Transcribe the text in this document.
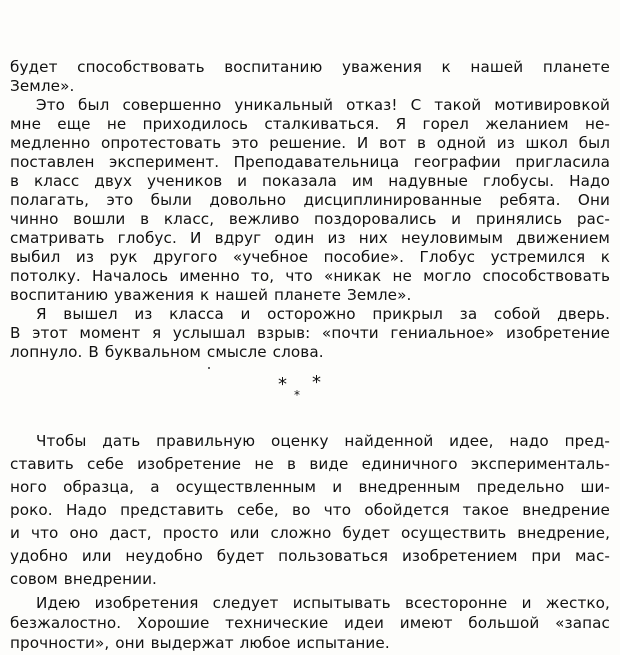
будет способствовать воспитанию уважения к нашей планете
Земле».
Это был совершенно уникальный отказ! С такой мотивировкой
мне еще не приходилось сталкиваться. Я горел желанием не-
медленно опротестовать это решение. И вот в одной из школ был
поставлен эксперимент. Преподавательница географии пригласила
в класс двух учеников и показала им надувные глобусы. Надо
полагать, это были довольно дисциплинированные ребята. Они
чинно вошли в класс, вежливо поздоровались и принялись рас-
сматривать глобус. И вдруг один из них неуловимым движением
выбил из рук другого «учебное пособие». Глобус устремился к
потолку. Началось именно то, что «никак не могло способствовать
воспитанию уважения к нашей планете Земле».
Я вышел из класса и осторожно прикрыл за собой дверь.
В этот момент я услышал взрыв: «почти гениальное» изобретение
лопнуло. В буквальном смысле слова.
* *
*
Чтобы дать правильную оценку найденной идее, надо пред-
ставить себе изобретение не в виде единичного эксперименталь-
ного образца, а осуществленным и внедренным предельно ши-
роко. Надо представить себе, во что обойдется такое внедрение
и что оно даст, просто или сложно будет осуществить внедрение,
удобно или неудобно будет пользоваться изобретением при мас-
совом внедрении.
Идею изобретения следует испытывать всесторонне и жестко,
безжалостно. Хорошие технические идеи имеют большой «запас
прочности», они выдержат любое испытание.
